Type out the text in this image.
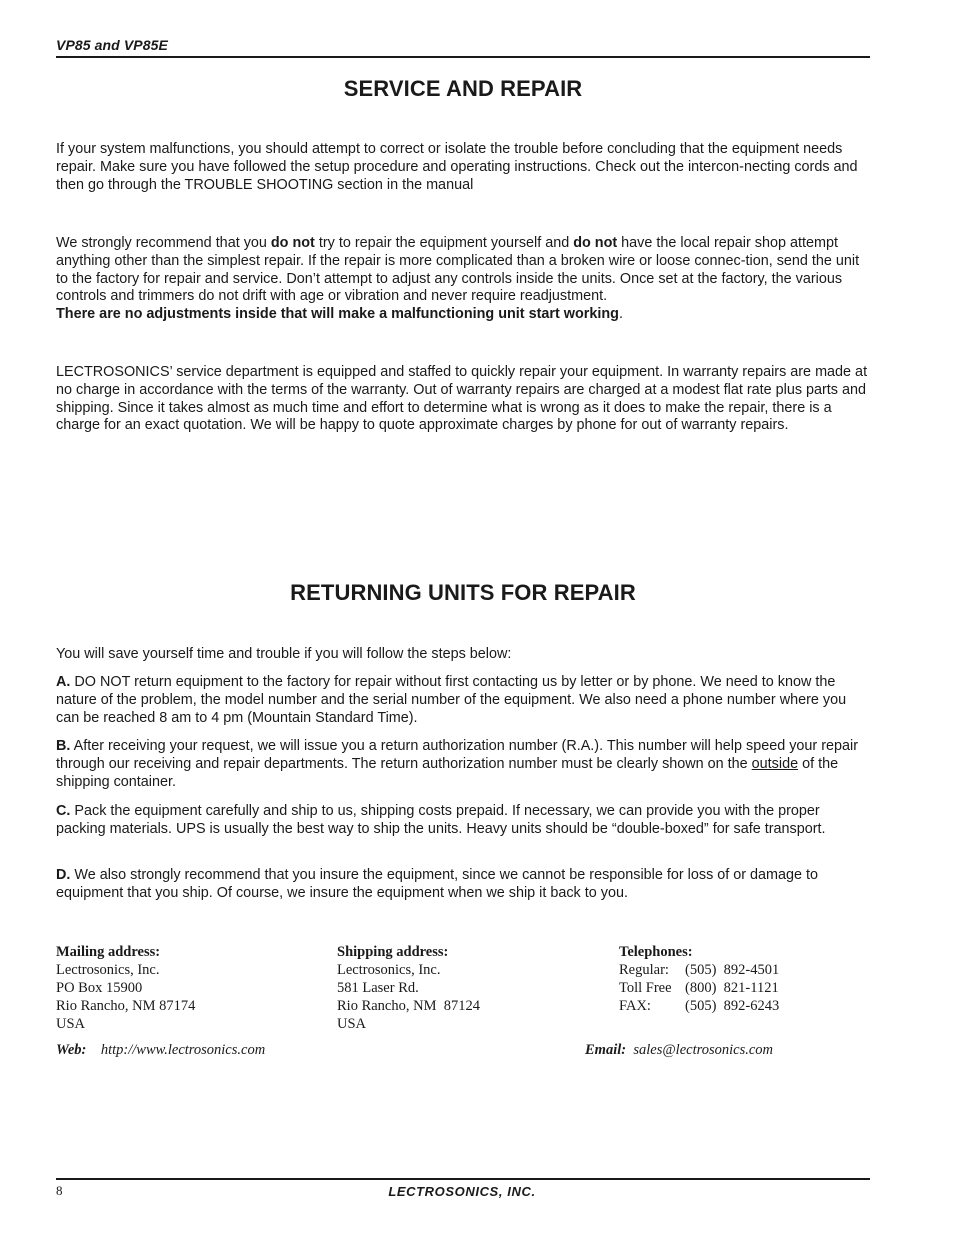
VP85 and VP85E
SERVICE AND REPAIR

If your system malfunctions, you should attempt to correct or isolate the trouble before concluding that the equipment needs repair. Make sure you have followed the setup procedure and operating instructions. Check out the intercon-necting cords and then go through the TROUBLE SHOOTING section in the manual

We strongly recommend that you do not try to repair the equipment yourself and do not have the local repair shop attempt anything other than the simplest repair. If the repair is more complicated than a broken wire or loose connec-tion, send the unit to the factory for repair and service. Don’t attempt to adjust any controls inside the units. Once set at the factory, the various controls and trimmers do not drift with age or vibration and never require readjustment.
There are no adjustments inside that will make a malfunctioning unit start working.

LECTROSONICS’ service department is equipped and staffed to quickly repair your equipment. In warranty repairs are made at no charge in accordance with the terms of the warranty. Out of warranty repairs are charged at a modest flat rate plus parts and shipping. Since it takes almost as much time and effort to determine what is wrong as it does to make the repair, there is a charge for an exact quotation. We will be happy to quote approximate charges by phone for out of warranty repairs.

RETURNING UNITS FOR REPAIR

You will save yourself time and trouble if you will follow the steps below:

A. DO NOT return equipment to the factory for repair without first contacting us by letter or by phone. We need to know the nature of the problem, the model number and the serial number of the equipment. We also need a phone number where you can be reached 8 am to 4 pm (Mountain Standard Time).

B. After receiving your request, we will issue you a return authorization number (R.A.). This number will help speed your repair through our receiving and repair departments. The return authorization number must be clearly shown on the outside of the shipping container.

C. Pack the equipment carefully and ship to us, shipping costs prepaid. If necessary, we can provide you with the proper packing materials. UPS is usually the best way to ship the units. Heavy units should be “double-boxed” for safe transport.

D. We also strongly recommend that you insure the equipment, since we cannot be responsible for loss of or damage to equipment that you ship. Of course, we insure the equipment when we ship it back to you.

Mailing address:
Lectrosonics, Inc.
PO Box 15900
Rio Rancho, NM 87174
USA
Shipping address:
Lectrosonics, Inc.
581 Laser Rd.
Rio Rancho, NM  87124
USA
Telephones:
Regular: (505)  892-4501
Toll Free (800)  821-1121
FAX: (505)  892-6243
Web: http://www.lectrosonics.com	Email: sales@lectrosonics.com
8	LECTROSONICS, INC.
